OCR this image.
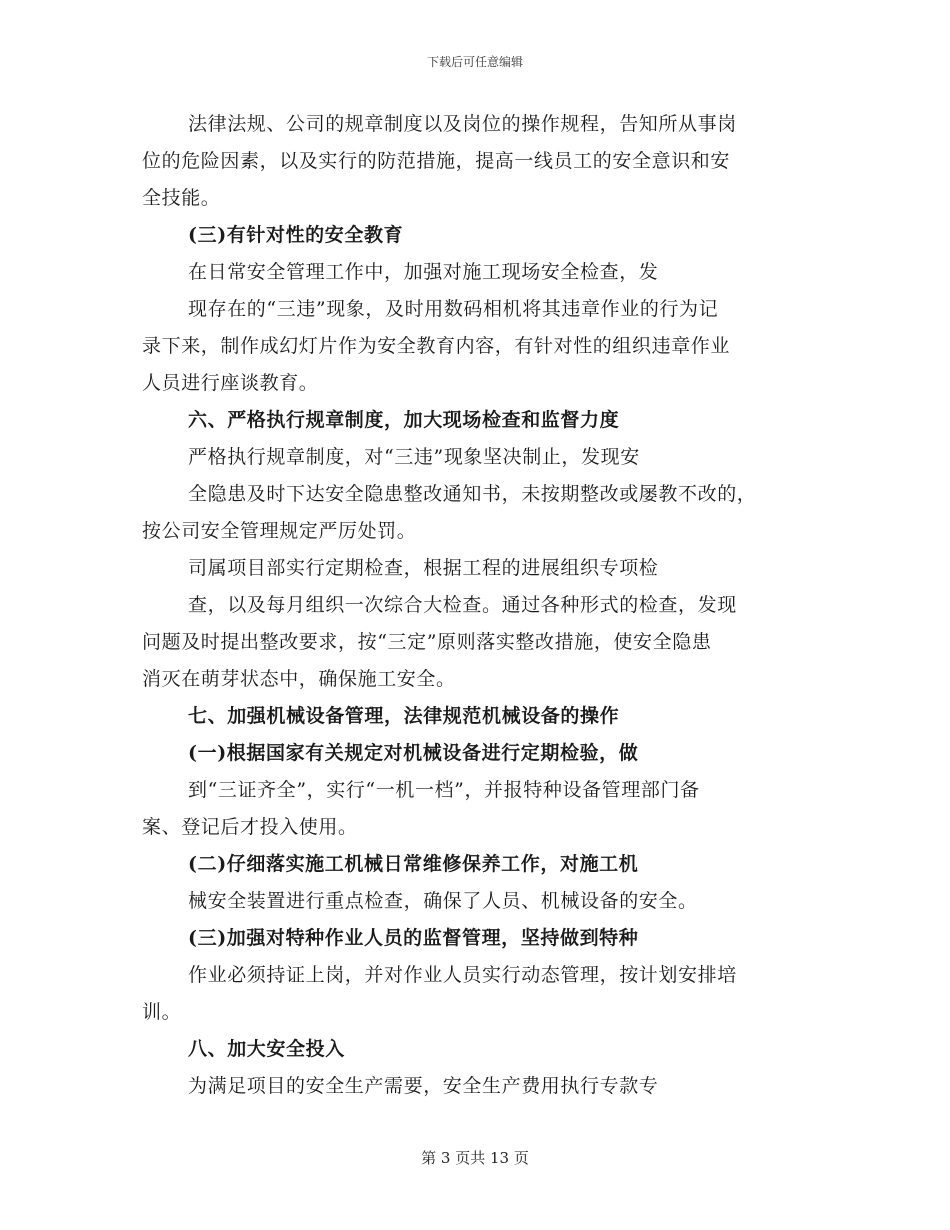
下载后可任意编辑
法律法规、公司的规章制度以及岗位的操作规程，告知所从事岗
位的危险因素，以及实行的防范措施，提高一线员工的安全意识和安
全技能。
(三)有针对性的安全教育
在日常安全管理工作中，加强对施工现场安全检查，发
现存在的“三违”现象，及时用数码相机将其违章作业的行为记
录下来，制作成幻灯片作为安全教育内容，有针对性的组织违章作业
人员进行座谈教育。
六、严格执行规章制度，加大现场检查和监督力度
严格执行规章制度，对“三违”现象坚决制止，发现安
全隐患及时下达安全隐患整改通知书，未按期整改或屡教不改的，
按公司安全管理规定严厉处罚。
司属项目部实行定期检查，根据工程的进展组织专项检
查，以及每月组织一次综合大检查。通过各种形式的检查，发现
问题及时提出整改要求，按“三定”原则落实整改措施，使安全隐患
消灭在萌芽状态中，确保施工安全。
七、加强机械设备管理，法律规范机械设备的操作
(一)根据国家有关规定对机械设备进行定期检验，做
到“三证齐全”，实行“一机一档”，并报特种设备管理部门备
案、登记后才投入使用。
(二)仔细落实施工机械日常维修保养工作，对施工机
械安全装置进行重点检查，确保了人员、机械设备的安全。
(三)加强对特种作业人员的监督管理，坚持做到特种
作业必须持证上岗，并对作业人员实行动态管理，按计划安排培
训。
八、加大安全投入
为满足项目的安全生产需要，安全生产费用执行专款专
第 3 页共 13 页
